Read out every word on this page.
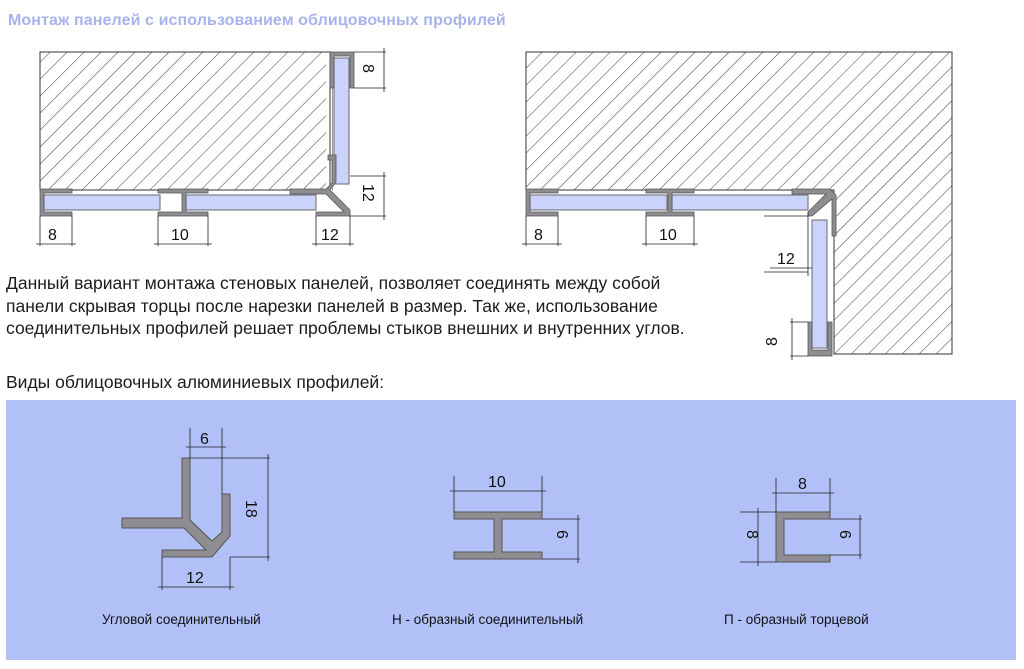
Монтаж панелей с использованием облицовочных профилей
8	10	12
8
12
8	10
12
8

Данный вариант монтажа стеновых панелей, позволяет соединять между собой панели скрывая торцы после нарезки панелей в размер. Так же, использование соединительных профилей решает проблемы стыков внешних и внутренних углов.

Виды облицовочных алюминиевых профилей:

6
18
12
10
6
8
8	6

Угловой соединительный	Н - образный соединительный	П - образный торцевой
